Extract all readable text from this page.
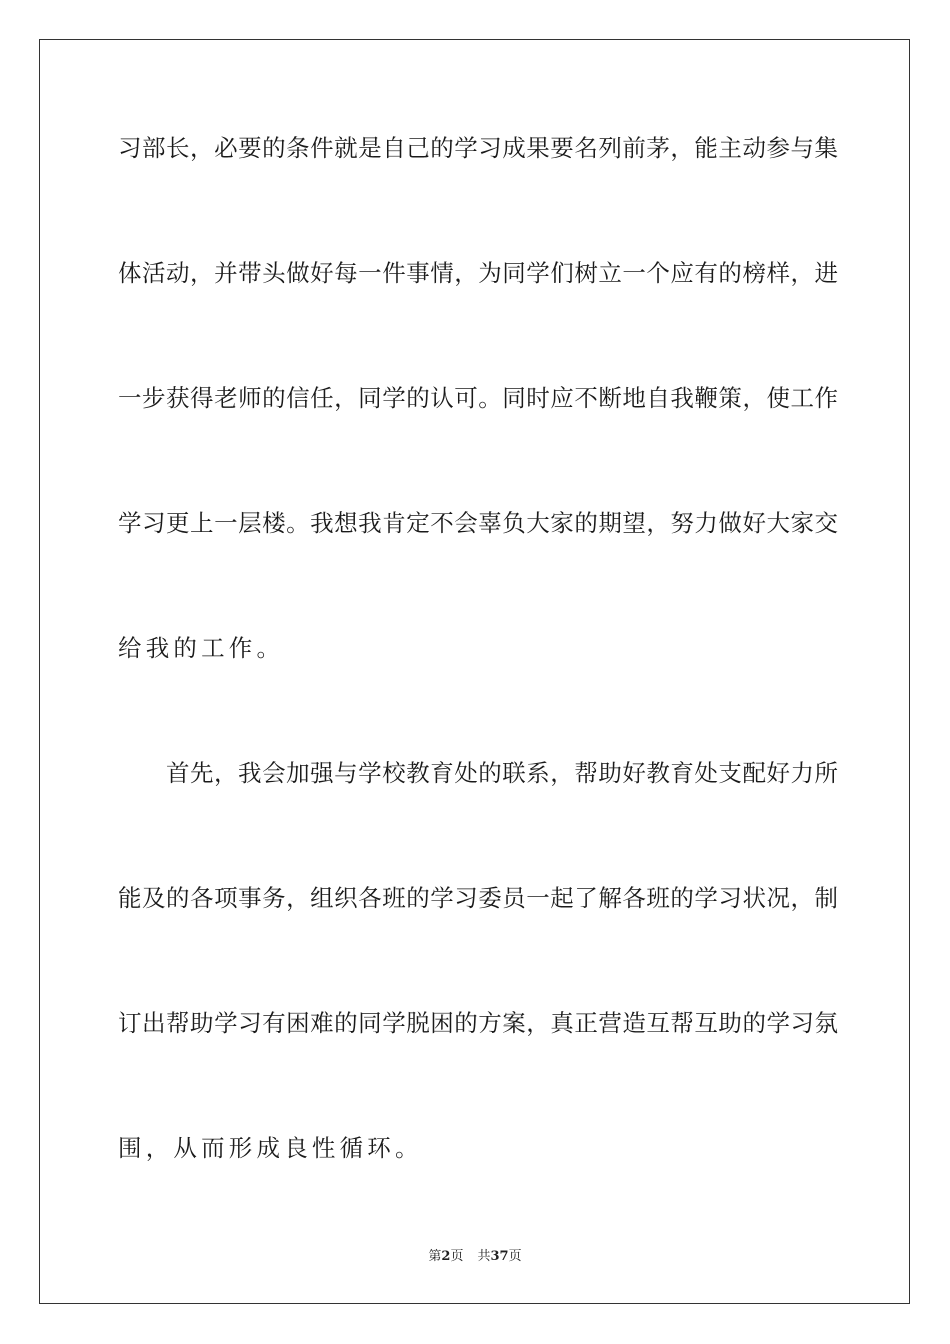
习部长，必要的条件就是自己的学习成果要名列前茅，能主动参与集
体活动，并带头做好每一件事情，为同学们树立一个应有的榜样，进
一步获得老师的信任，同学的认可。同时应不断地自我鞭策，使工作
学习更上一层楼。我想我肯定不会辜负大家的期望，努力做好大家交
给我的工作。
首先，我会加强与学校教育处的联系，帮助好教育处支配好力所
能及的各项事务，组织各班的学习委员一起了解各班的学习状况，制
订出帮助学习有困难的同学脱困的方案，真正营造互帮互助的学习氛
围，从而形成良性循环。
第2页 共37页
